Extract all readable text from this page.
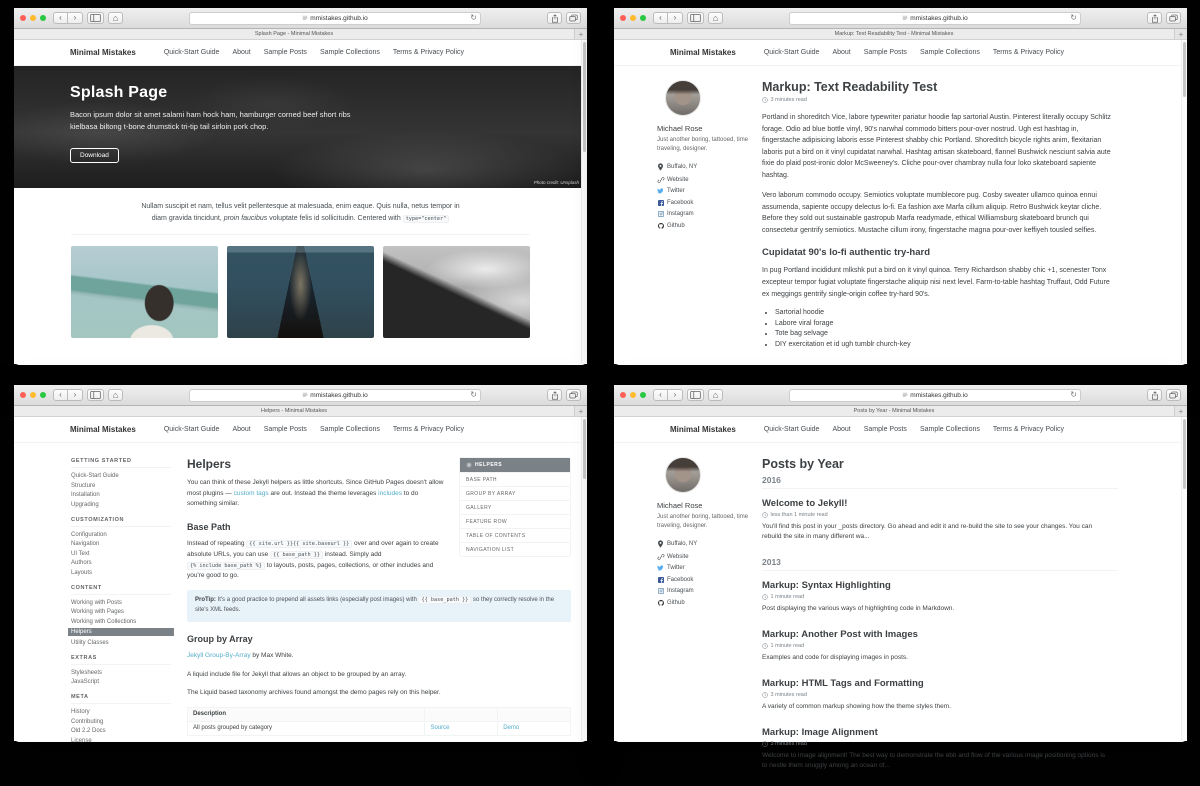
‹	›	⌂	mmistakes.github.io	↻
Splash Page - Minimal Mistakes	+
Minimal Mistakes	Quick-Start Guide About Sample Posts Sample Collections Terms & Privacy Policy
Splash Page

Bacon ipsum dolor sit amet salami ham hock ham, hamburger corned beef short ribs kielbasa biltong t-bone drumstick tri-tip tail sirloin pork chop.

Download
Photo credit: Unsplash

Nullam suscipit et nam, tellus velit pellentesque at malesuada, enim eaque. Quis nulla, netus tempor in diam gravida tincidunt, proin faucibus voluptate felis id sollicitudin. Centered with type="center"

‹	›	⌂	mmistakes.github.io	↻
Markup: Text Readability Test - Minimal Mistakes	+
Minimal Mistakes	Quick-Start Guide About Sample Posts Sample Collections Terms & Privacy Policy
Michael Rose
Just another boring, tattooed, time traveling, designer.
Buffalo, NY
Website
Twitter
Facebook
Instagram
Github
Markup: Text Readability Test
3 minutes read

Portland in shoreditch Vice, labore typewriter pariatur hoodie fap sartorial Austin. Pinterest literally occupy Schlitz forage. Odio ad blue bottle vinyl, 90's narwhal commodo bitters pour-over nostrud. Ugh est hashtag in, fingerstache adipisicing laboris esse Pinterest shabby chic Portland. Shoreditch bicycle rights anim, flexitarian laboris put a bird on it vinyl cupidatat narwhal. Hashtag artisan skateboard, flannel Bushwick nesciunt salvia aute fixie do plaid post-ironic dolor McSweeney's. Cliche pour-over chambray nulla four loko skateboard sapiente hashtag.

Vero laborum commodo occupy. Semiotics voluptate mumblecore pug. Cosby sweater ullamco quinoa ennui assumenda, sapiente occupy delectus lo-fi. Ea fashion axe Marfa cillum aliquip. Retro Bushwick keytar cliche. Before they sold out sustainable gastropub Marfa readymade, ethical Williamsburg skateboard brunch qui consectetur gentrify semiotics. Mustache cillum irony, fingerstache magna pour-over keffiyeh tousled selfies.

Cupidatat 90's lo-fi authentic try-hard

In pug Portland incididunt mlkshk put a bird on it vinyl quinoa. Terry Richardson shabby chic +1, scenester Tonx excepteur tempor fugiat voluptate fingerstache aliquip nisi next level. Farm-to-table hashtag Truffaut, Odd Future ex meggings gentrify single-origin coffee try-hard 90's.

• Sartorial hoodie
• Labore viral forage
• Tote bag selvage
• DIY exercitation et id ugh tumblr church-key
‹	›	⌂	mmistakes.github.io	↻
Helpers - Minimal Mistakes	+
Minimal Mistakes	Quick-Start Guide About Sample Posts Sample Collections Terms & Privacy Policy
GETTING STARTED
Quick-Start Guide
Structure
Installation
Upgrading
CUSTOMIZATION
Configuration
Navigation
UI Text
Authors
Layouts
CONTENT
Working with Posts
Working with Pages
Working with Collections
Helpers
Utility Classes
EXTRAS
Stylesheets
JavaScript
META
History
Contributing
Old 2.2 Docs
License
HELPERS
BASE PATH
GROUP BY ARRAY
GALLERY
FEATURE ROW
TABLE OF CONTENTS
NAVIGATION LIST
Helpers

You can think of these Jekyll helpers as little shortcuts. Since GitHub Pages doesn't allow most plugins — custom tags are out. Instead the theme leverages includes to do something similar.

Base Path

Instead of repeating {{ site.url }}{{ site.baseurl }} over and over again to create absolute URLs, you can use {{ base_path }} instead. Simply add {% include base_path %} to layouts, posts, pages, collections, or other includes and you're good to go.

ProTip: It's a good practice to prepend all assets links (especially post images) with {{ base_path }} so they correctly resolve in the site's XML feeds.
Group by Array

Jekyll Group-By-Array by Max White.

A liquid include file for Jekyll that allows an object to be grouped by an array.

The Liquid based taxonomy archives found amongst the demo pages rely on this helper.

Description		
All posts grouped by category	Source	Demo
‹	›	⌂	mmistakes.github.io	↻
Posts by Year - Minimal Mistakes	+
Minimal Mistakes	Quick-Start Guide About Sample Posts Sample Collections Terms & Privacy Policy
Michael Rose
Just another boring, tattooed, time traveling, designer.
Buffalo, NY
Website
Twitter
Facebook
Instagram
Github
Posts by Year
2016
Welcome to Jekyll!
less than 1 minute read

You'll find this post in your _posts directory. Go ahead and edit it and re-build the site to see your changes. You can rebuild the site in many different wa...

2013
Markup: Syntax Highlighting
1 minute read

Post displaying the various ways of highlighting code in Markdown.

Markup: Another Post with Images
1 minute read

Examples and code for displaying images in posts.

Markup: HTML Tags and Formatting
3 minutes read

A variety of common markup showing how the theme styles them.

Markup: Image Alignment
3 minutes read

Welcome to image alignment! The best way to demonstrate the ebb and flow of the various image positioning options is to nestle them snuggly among an ocean of...
